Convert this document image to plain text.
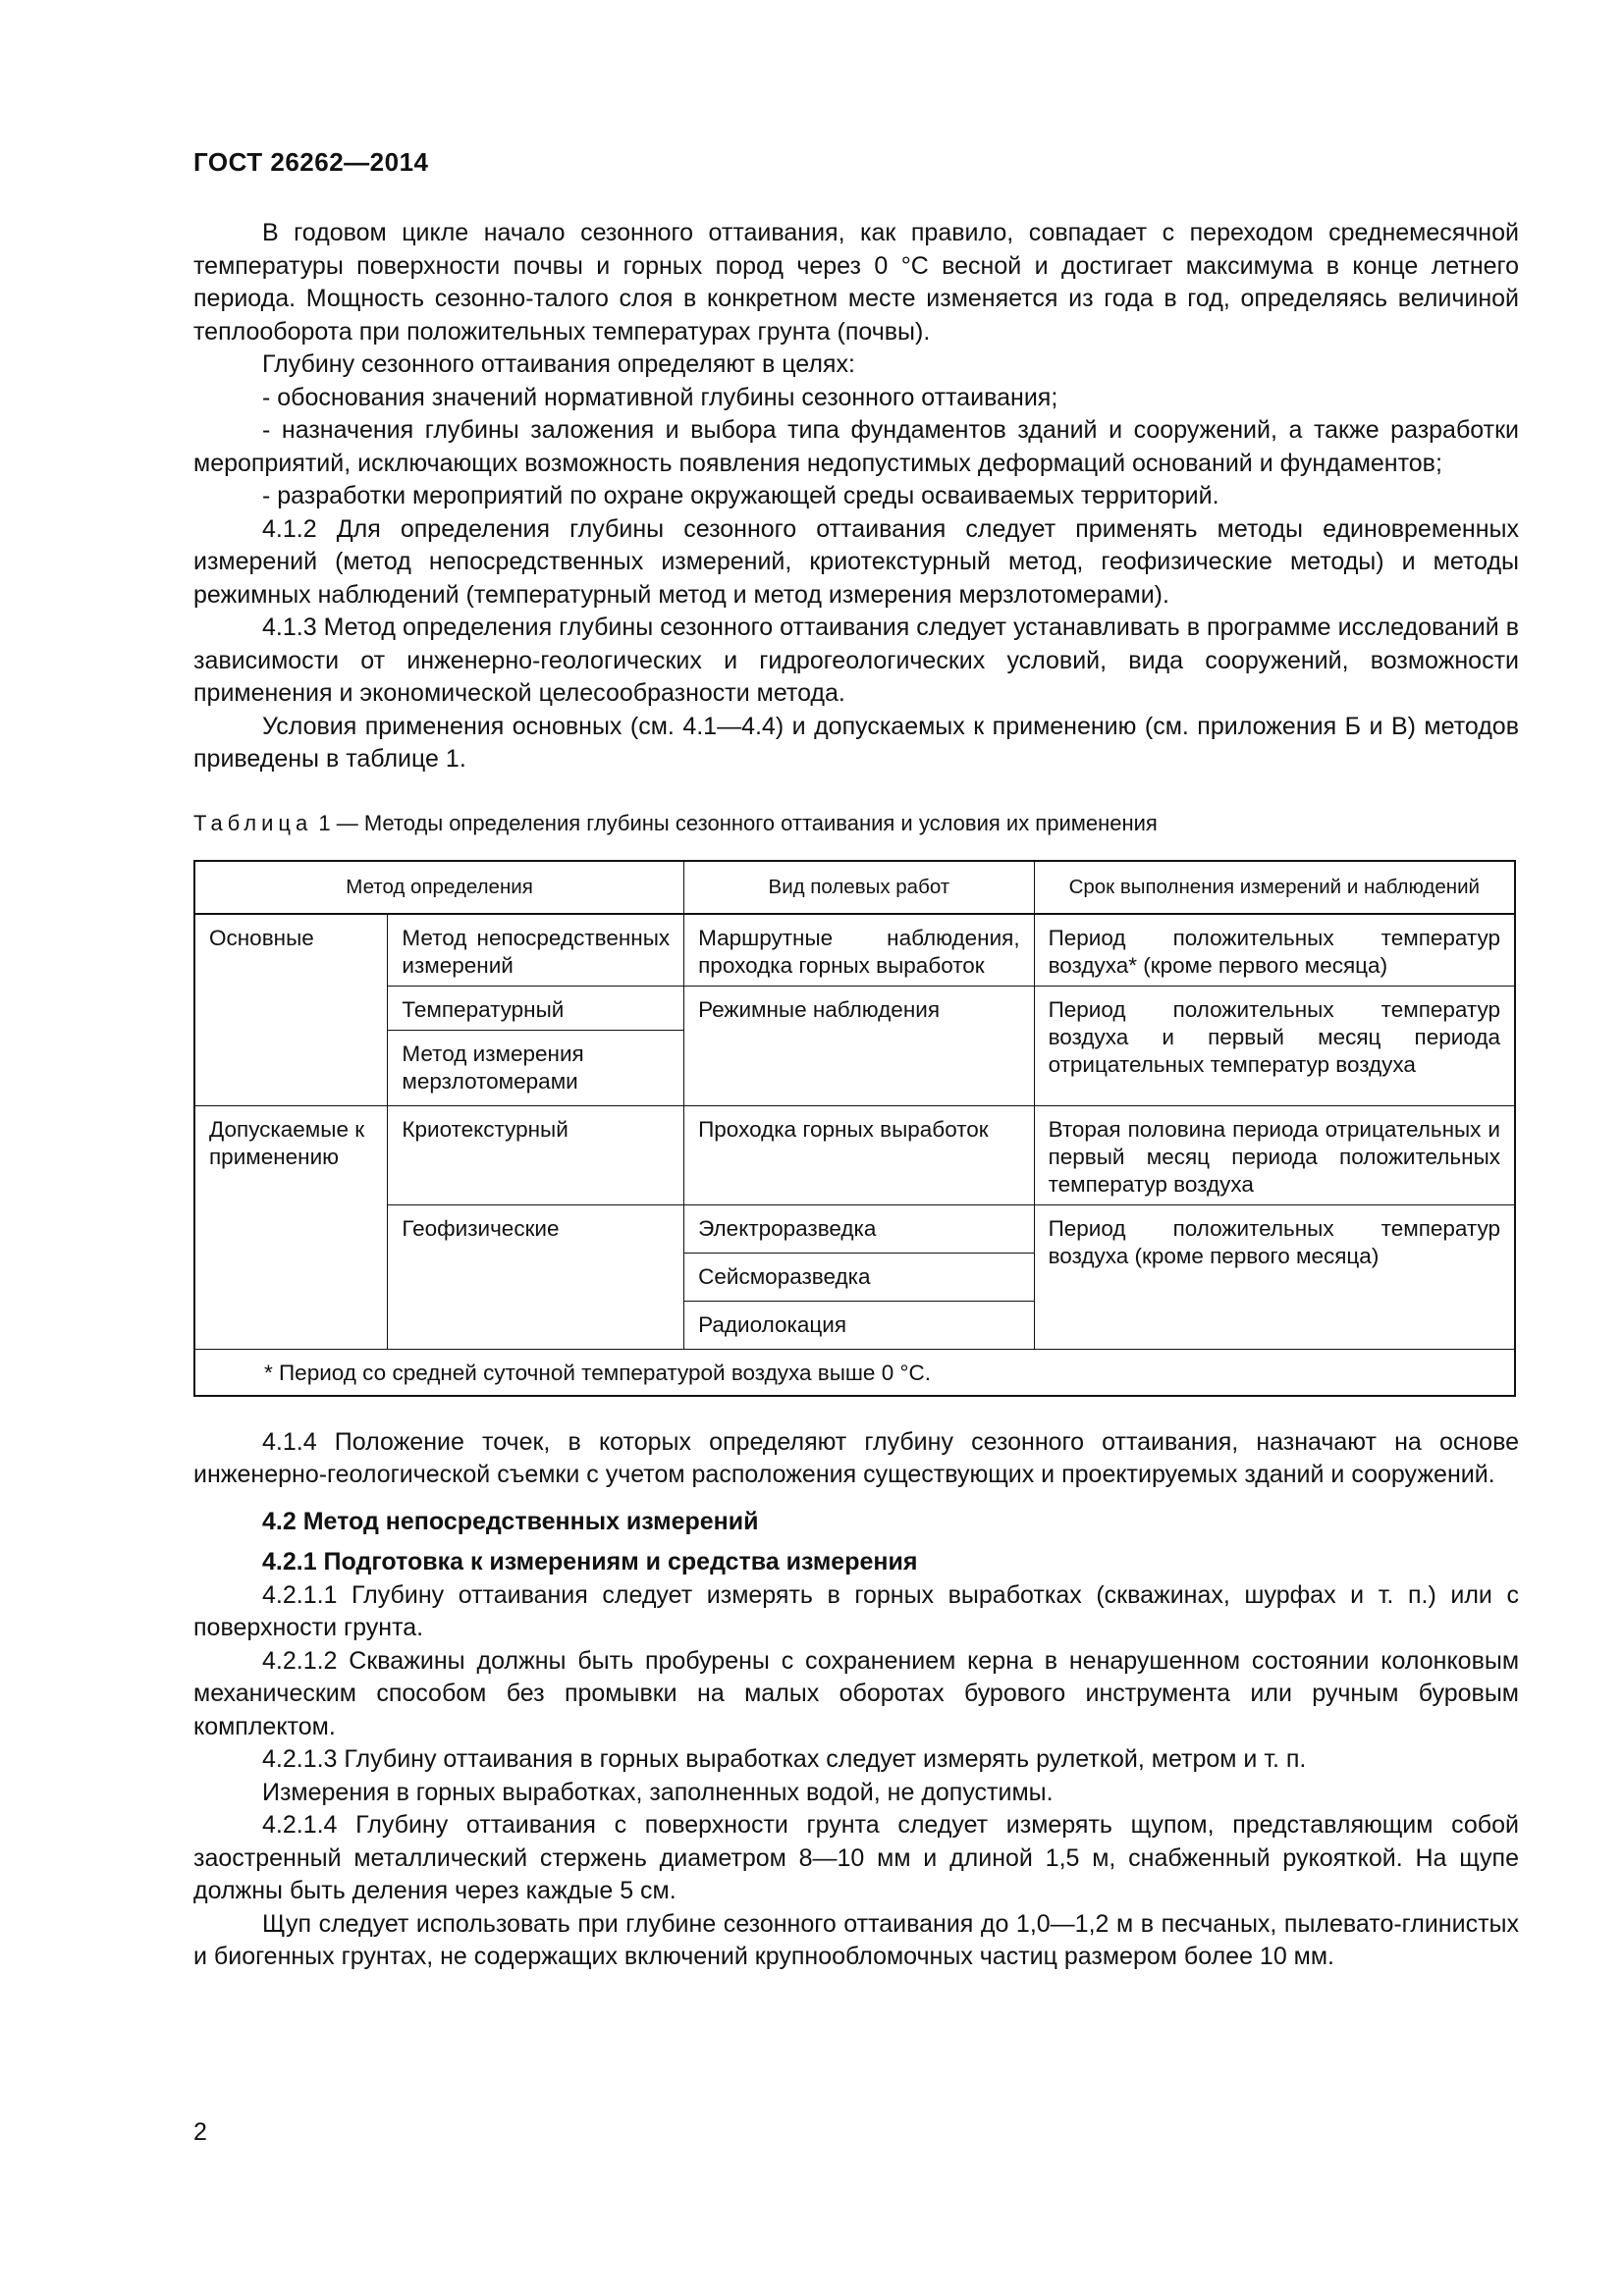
ГОСТ 26262—2014

В годовом цикле начало сезонного оттаивания, как правило, совпадает с переходом среднемесячной температуры поверхности почвы и горных пород через 0 °С весной и достигает максимума в конце летнего периода. Мощность сезонно-талого слоя в конкретном месте изменяется из года в год, определяясь величиной теплооборота при положительных температурах грунта (почвы).

Глубину сезонного оттаивания определяют в целях:

- обоснования значений нормативной глубины сезонного оттаивания;

- назначения глубины заложения и выбора типа фундаментов зданий и сооружений, а также разработки мероприятий, исключающих возможность появления недопустимых деформаций оснований и фундаментов;

- разработки мероприятий по охране окружающей среды осваиваемых территорий.

4.1.2 Для определения глубины сезонного оттаивания следует применять методы единовременных измерений (метод непосредственных измерений, криотекстурный метод, геофизические методы) и методы режимных наблюдений (температурный метод и метод измерения мерзлотомерами).

4.1.3 Метод определения глубины сезонного оттаивания следует устанавливать в программе исследований в зависимости от инженерно-геологических и гидрогеологических условий, вида сооружений, возможности применения и экономической целесообразности метода.

Условия применения основных (см. 4.1—4.4) и допускаемых к применению (см. приложения Б и В) методов приведены в таблице 1.

Таблица 1 — Методы определения глубины сезонного оттаивания и условия их применения
Метод определения		Вид полевых работ	Срок выполнения измерений и наблюдений
Основные	Метод непосредственных измерений	Маршрутные наблюдения, проходка горных выработок	Период положительных температур воздуха* (кроме первого месяца)
	Температурный	Режимные наблюдения	Период положительных температур воздуха и первый месяц периода отрицательных температур воздуха
	Метод измерения мерзлотомерами		
Допускаемые к применению	Криотекстурный	Проходка горных выработок	Вторая половина периода отрицательных и первый месяц периода положительных температур воздуха
	Геофизические	Электроразведка	Период положительных температур воздуха (кроме первого месяца)
		Сейсморазведка	
		Радиолокация	
* Период со средней суточной температурой воздуха выше 0 °С.			

4.1.4 Положение точек, в которых определяют глубину сезонного оттаивания, назначают на основе инженерно-геологической съемки с учетом расположения существующих и проектируемых зданий и сооружений.

4.2 Метод непосредственных измерений
4.2.1 Подготовка к измерениям и средства измерения

4.2.1.1 Глубину оттаивания следует измерять в горных выработках (скважинах, шурфах и т. п.) или с поверхности грунта.

4.2.1.2 Скважины должны быть пробурены с сохранением керна в ненарушенном состоянии колонковым механическим способом без промывки на малых оборотах бурового инструмента или ручным буровым комплектом.

4.2.1.3 Глубину оттаивания в горных выработках следует измерять рулеткой, метром и т. п.

Измерения в горных выработках, заполненных водой, не допустимы.

4.2.1.4 Глубину оттаивания с поверхности грунта следует измерять щупом, представляющим собой заостренный металлический стержень диаметром 8—10 мм и длиной 1,5 м, снабженный рукояткой. На щупе должны быть деления через каждые 5 см.

Щуп следует использовать при глубине сезонного оттаивания до 1,0—1,2 м в песчаных, пылевато-глинистых и биогенных грунтах, не содержащих включений крупнообломочных частиц размером более 10 мм.

2
